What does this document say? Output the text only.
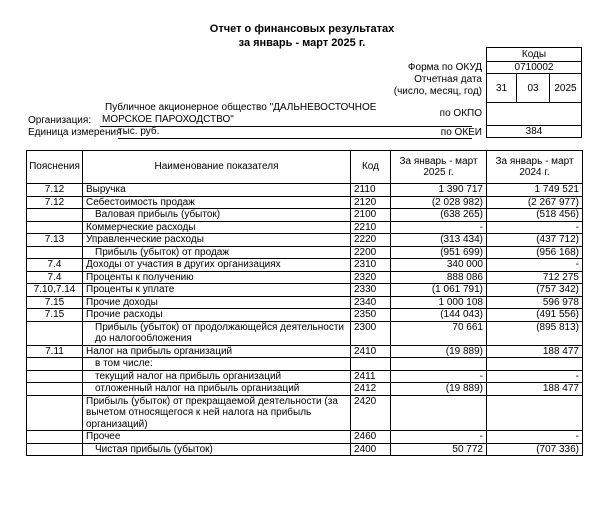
Отчет о финансовых результатах
за январь - март 2025 г.
Коды
Форма по ОКУД	0710002
Отчетная дата
(число, месяц, год)	31	03	2025
по ОКПО
по ОКЕИ	384
Публичное акционерное общество "ДАЛЬНЕВОСТОЧНОЕ
Организация: МОРСКОЕ ПАРОХОДСТВО"
Единица измерения
тыс. руб.
Пояснения	Наименование показателя	Код	За январь - март 2025 г.	За январь - март 2024 г.
7.12	Выручка	2110	1 390 717	1 749 521
7.12	Себестоимость продаж	2120	(2 028 982)	(2 267 977)
	Валовая прибыль (убыток)	2100	(638 265)	(518 456)
	Коммерческие расходы	2210	-	-
7.13	Управленческие расходы	2220	(313 434)	(437 712)
	Прибыль (убыток) от продаж	2200	(951 699)	(956 168)
7.4	Доходы от участия в других организациях	2310	340 000	-
7.4	Проценты к получению	2320	888 086	712 275
7.10,7.14	Проценты к уплате	2330	(1 061 791)	(757 342)
7.15	Прочие доходы	2340	1 000 108	596 978
7.15	Прочие расходы	2350	(144 043)	(491 556)
	Прибыль (убыток) от продолжающейся деятельности до налогообложения	2300	70 661	(895 813)
7.11	Налог на прибыль организаций	2410	(19 889)	188 477
	в том числе:			
	текущий налог на прибыль организаций	2411	-	-
	отложенный налог на прибыль организаций	2412	(19 889)	188 477
	Прибыль (убыток) от прекращаемой деятельности (за вычетом относящегося к ней налога на прибыль организаций)	2420		
	Прочее	2460	-	-
	Чистая прибыль (убыток)	2400	50 772	(707 336)
